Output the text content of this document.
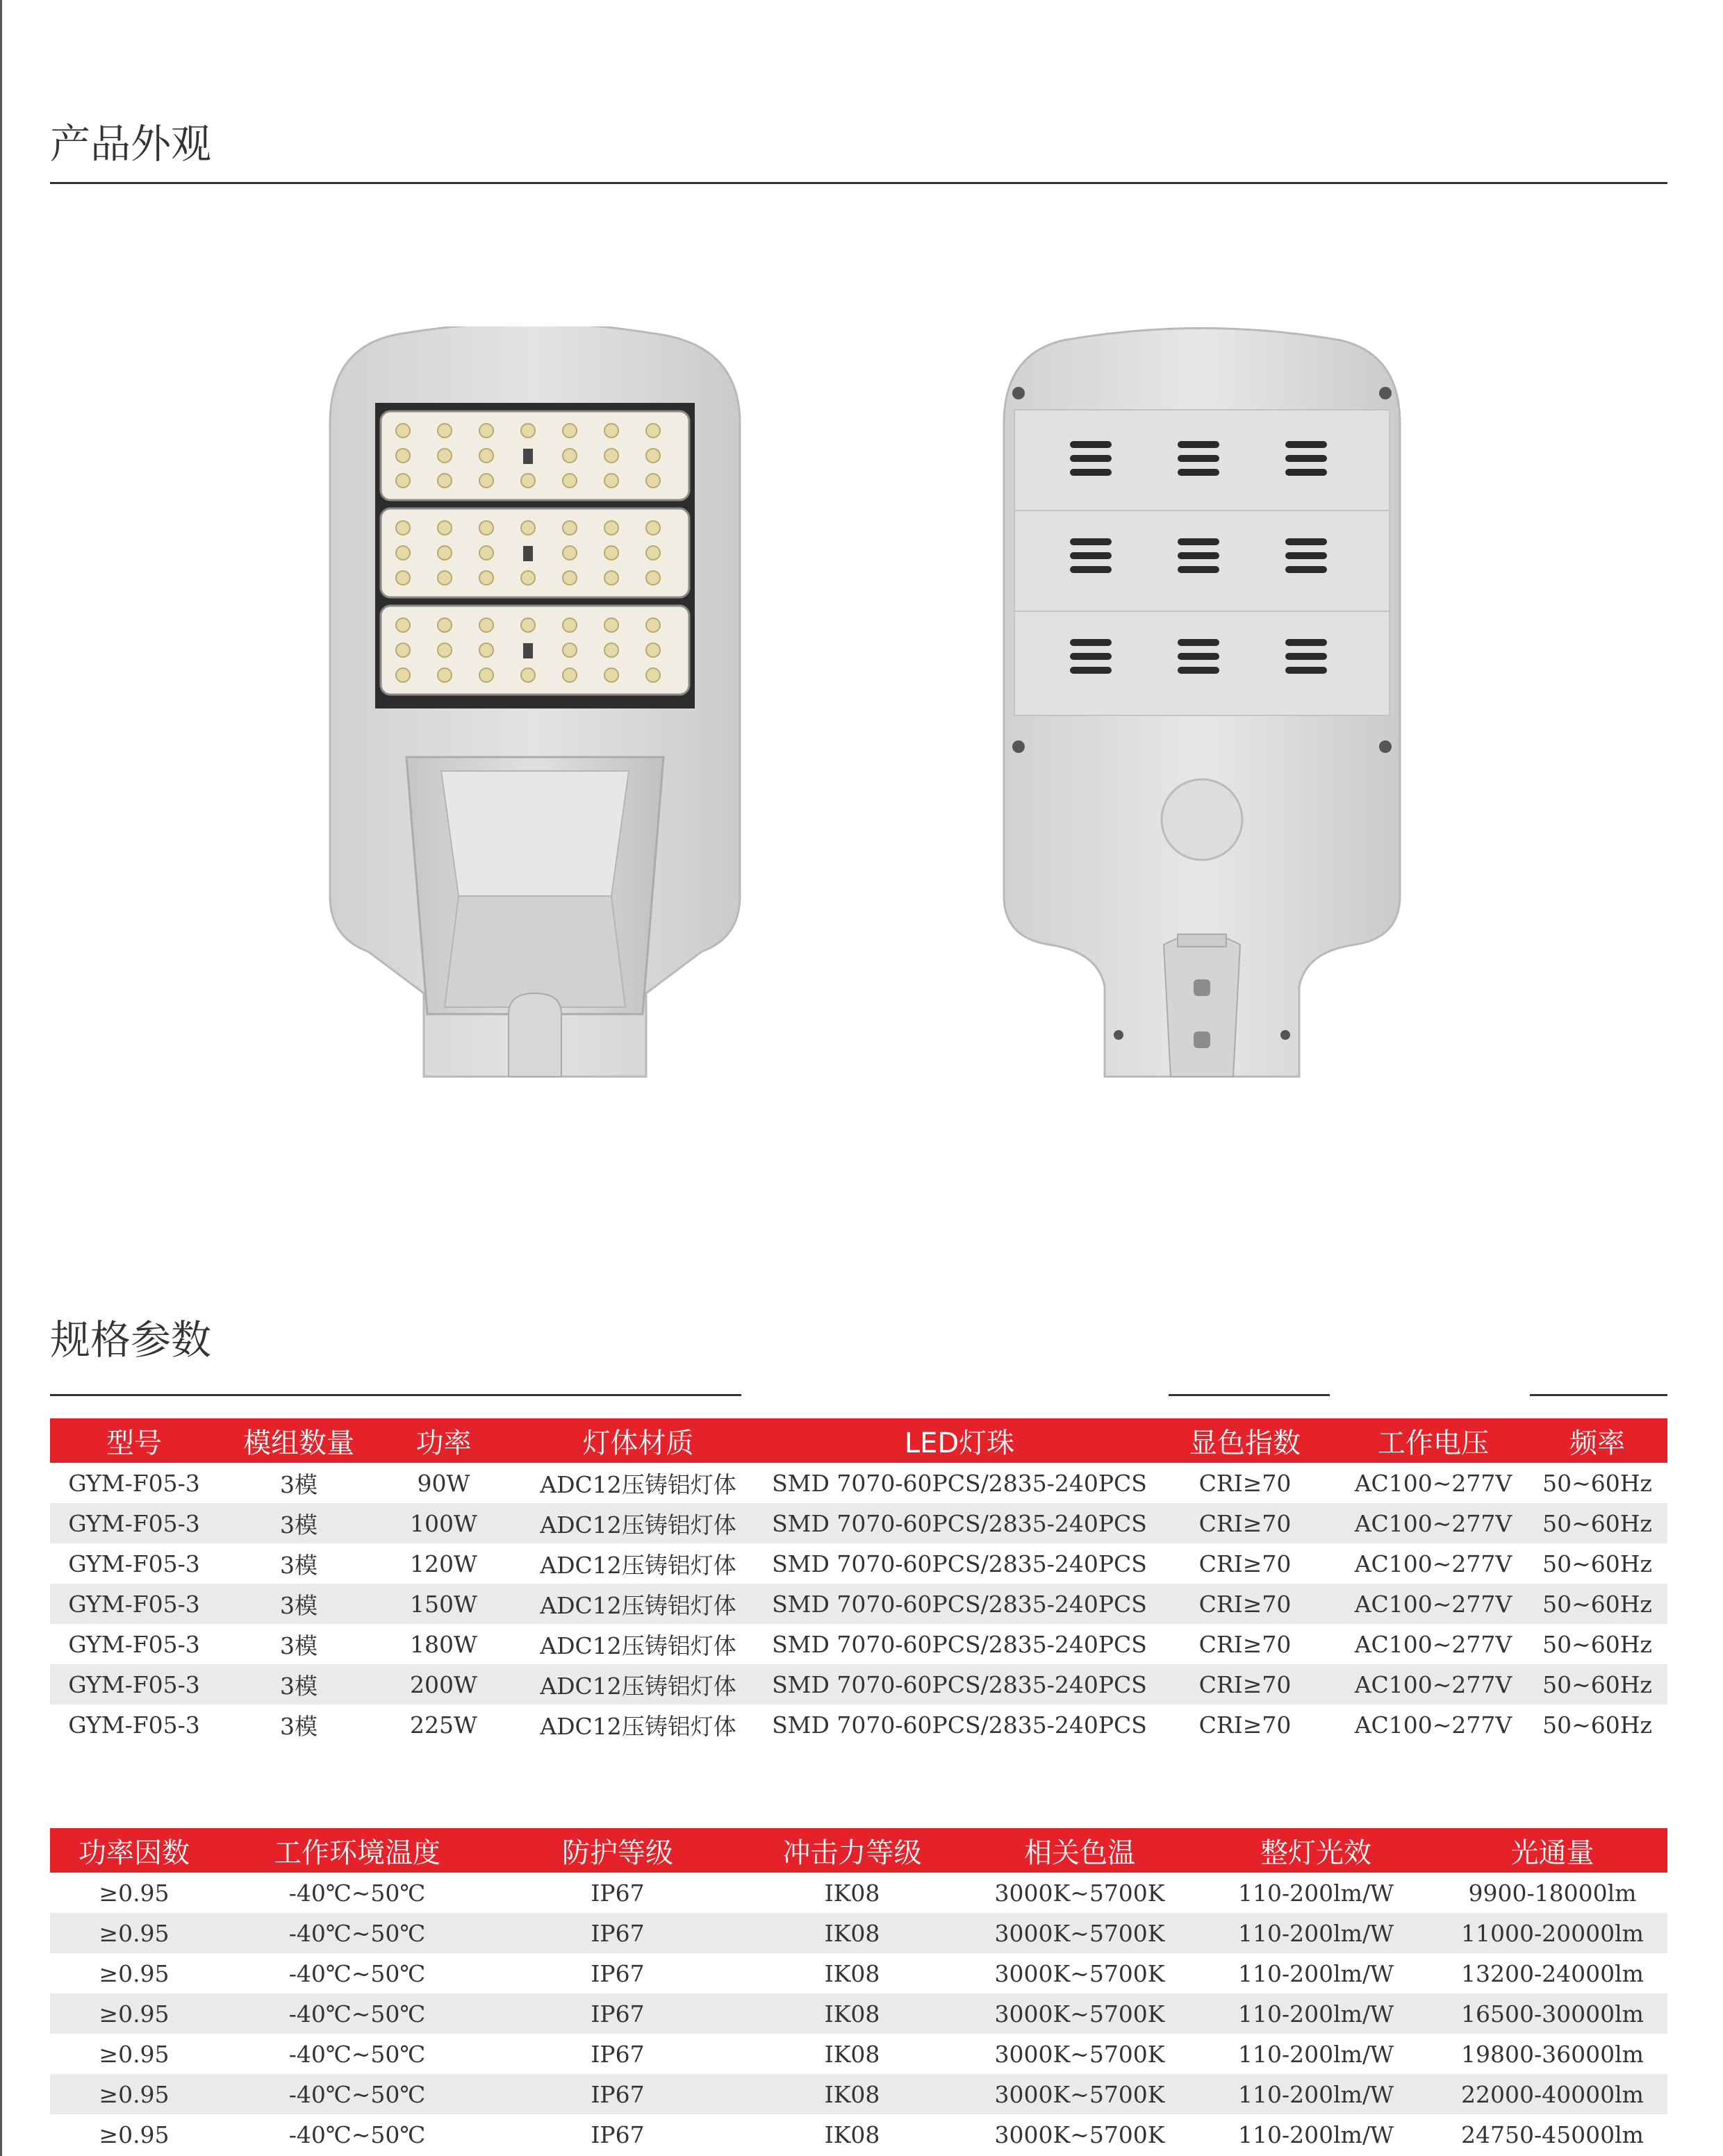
产品外观
规格参数
型号	模组数量	功率	灯体材质	LED灯珠	显色指数	工作电压	频率
GYM-F05-3	3模	90W	ADC12压铸铝灯体	SMD 7070-60PCS/2835-240PCS	CRI≥70	AC100~277V	50~60Hz
GYM-F05-3	3模	100W	ADC12压铸铝灯体	SMD 7070-60PCS/2835-240PCS	CRI≥70	AC100~277V	50~60Hz
GYM-F05-3	3模	120W	ADC12压铸铝灯体	SMD 7070-60PCS/2835-240PCS	CRI≥70	AC100~277V	50~60Hz
GYM-F05-3	3模	150W	ADC12压铸铝灯体	SMD 7070-60PCS/2835-240PCS	CRI≥70	AC100~277V	50~60Hz
GYM-F05-3	3模	180W	ADC12压铸铝灯体	SMD 7070-60PCS/2835-240PCS	CRI≥70	AC100~277V	50~60Hz
GYM-F05-3	3模	200W	ADC12压铸铝灯体	SMD 7070-60PCS/2835-240PCS	CRI≥70	AC100~277V	50~60Hz
GYM-F05-3	3模	225W	ADC12压铸铝灯体	SMD 7070-60PCS/2835-240PCS	CRI≥70	AC100~277V	50~60Hz
功率因数	工作环境温度	防护等级	冲击力等级	相关色温	整灯光效	光通量
≥0.95	-40℃~50℃	IP67	IK08	3000K~5700K	110-200lm/W	9900-18000lm
≥0.95	-40℃~50℃	IP67	IK08	3000K~5700K	110-200lm/W	11000-20000lm
≥0.95	-40℃~50℃	IP67	IK08	3000K~5700K	110-200lm/W	13200-24000lm
≥0.95	-40℃~50℃	IP67	IK08	3000K~5700K	110-200lm/W	16500-30000lm
≥0.95	-40℃~50℃	IP67	IK08	3000K~5700K	110-200lm/W	19800-36000lm
≥0.95	-40℃~50℃	IP67	IK08	3000K~5700K	110-200lm/W	22000-40000lm
≥0.95	-40℃~50℃	IP67	IK08	3000K~5700K	110-200lm/W	24750-45000lm
